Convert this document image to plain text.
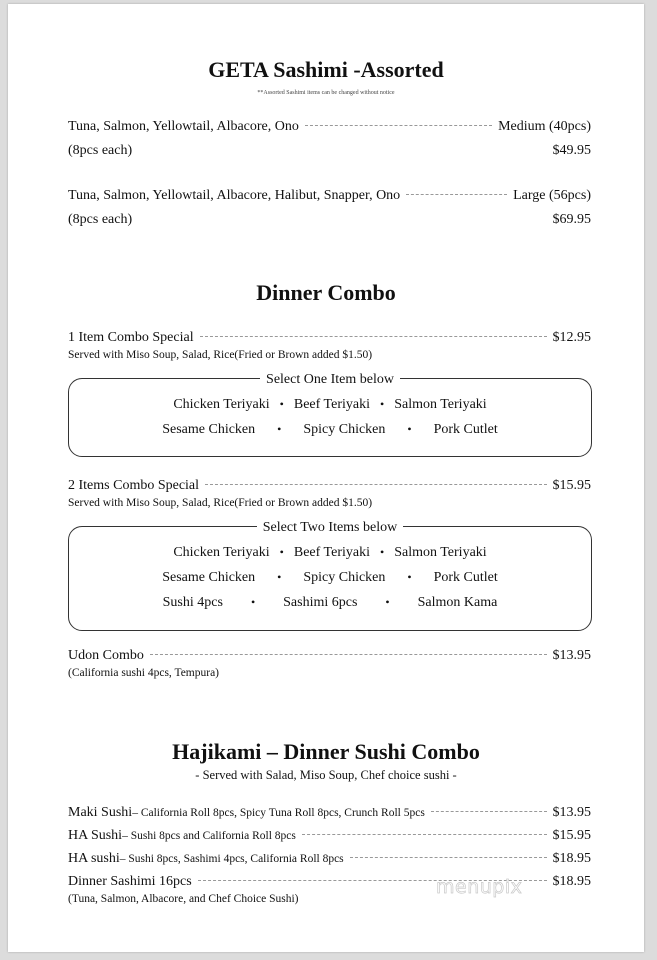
GETA Sashimi -Assorted
**Assorted Sashimi items can be changed without notice
Tuna, Salmon, Yellowtail, Albacore, Ono	Medium (40pcs)
(8pcs each)	$49.95
Tuna, Salmon, Yellowtail, Albacore, Halibut, Snapper, Ono	Large (56pcs)
(8pcs each)	$69.95
Dinner Combo
1 Item Combo Special	$12.95
Served with Miso Soup, Salad, Rice(Fried or Brown added $1.50)
Select One Item below
Chicken Teriyaki • Beef Teriyaki • Salmon Teriyaki
Sesame Chicken • Spicy Chicken • Pork Cutlet
2 Items Combo Special	$15.95
Served with Miso Soup, Salad, Rice(Fried or Brown added $1.50)
Select Two Items below
Chicken Teriyaki • Beef Teriyaki • Salmon Teriyaki
Sesame Chicken • Spicy Chicken • Pork Cutlet
Sushi 4pcs • Sashimi 6pcs • Salmon Kama
Udon Combo	$13.95
(California sushi 4pcs, Tempura)
Hajikami – Dinner Sushi Combo
- Served with Salad, Miso Soup, Chef choice sushi -
Maki Sushi – California Roll 8pcs, Spicy Tuna Roll 8pcs, Crunch Roll 5pcs	$13.95
HA Sushi – Sushi 8pcs and California Roll 8pcs	$15.95
HA sushi – Sushi 8pcs, Sashimi 4pcs, California Roll 8pcs	$18.95
Dinner Sashimi 16pcs	$18.95
(Tuna, Salmon, Albacore, and Chef Choice Sushi)
menupix
